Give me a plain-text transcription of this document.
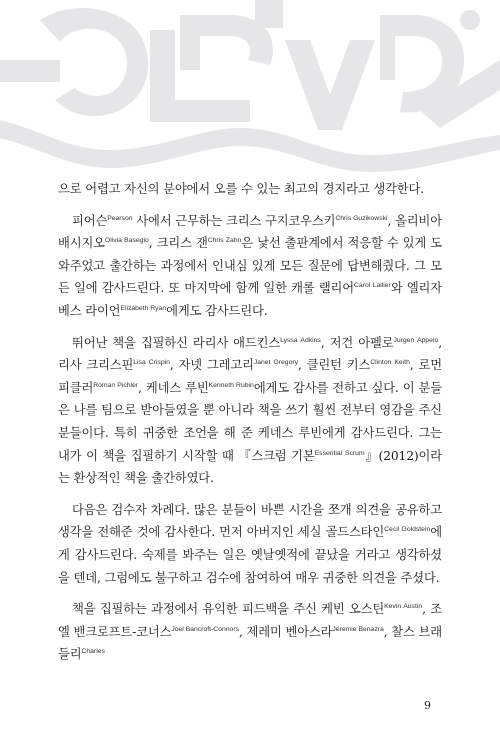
으로 어렵고 자신의 분야에서 오를 수 있는 최고의 경지라고 생각한다.

피어슨$^{Pearson}$ 사에서 근무하는 크리스 구지코우스키$^{Chris Guzikowski}$, 올리비아 배시지오$^{Olivia Basegio}$, 크리스 잰$^{Chris Zahn}$은 낯선 출판계에서 적응할 수 있게 도와주었고 출간하는 과정에서 인내심 있게 모든 질문에 답변해줬다. 그 모든 일에 감사드린다. 또 마지막에 함께 일한 캐롤 랠리어$^{Carol Lallier}$와 엘리자베스 라이언$^{Elizabeth Ryan}$에게도 감사드린다.

뛰어난 책을 집필하신 라리사 애드킨스$^{Lyssa Adkins}$, 저건 아펠로$^{Jurgen Appelo}$, 리사 크리스핀$^{Lisa Crispin}$, 자넷 그레고리$^{Janet Gregory}$, 클린턴 키스$^{Clinton Keith}$, 로먼 피클러$^{Roman Pichler}$, 케네스 루빈$^{Kenneth Rubin}$에게도 감사를 전하고 싶다. 이 분들은 나를 팀으로 받아들였을 뿐 아니라 책을 쓰기 훨씬 전부터 영감을 주신 분들이다. 특히 귀중한 조언을 해 준 케네스 루빈에게 감사드린다. 그는 내가 이 책을 집필하기 시작할 때 『스크럼 기본$^{Essential Scrum}$』(2012)이라는 환상적인 책을 출간하였다.

다음은 검수자 차례다. 많은 분들이 바쁜 시간을 쪼개 의견을 공유하고 생각을 전해준 것에 감사한다. 먼저 아버지인 세실 골드스타인$^{Cecil Goldstein}$에게 감사드린다. 숙제를 봐주는 일은 옛날옛적에 끝났을 거라고 생각하셨을 텐데, 그럼에도 불구하고 검수에 참여하여 매우 귀중한 의견을 주셨다.

책을 집필하는 과정에서 유익한 피드백을 주신 케빈 오스틴$^{Kevin Austin}$, 조엘 밴크로프트-코너스$^{Joel Bancroft-Connors}$, 제레미 벤아스라$^{Jeremie Benazra}$, 찰스 브래들리$^{Charles}$

9
